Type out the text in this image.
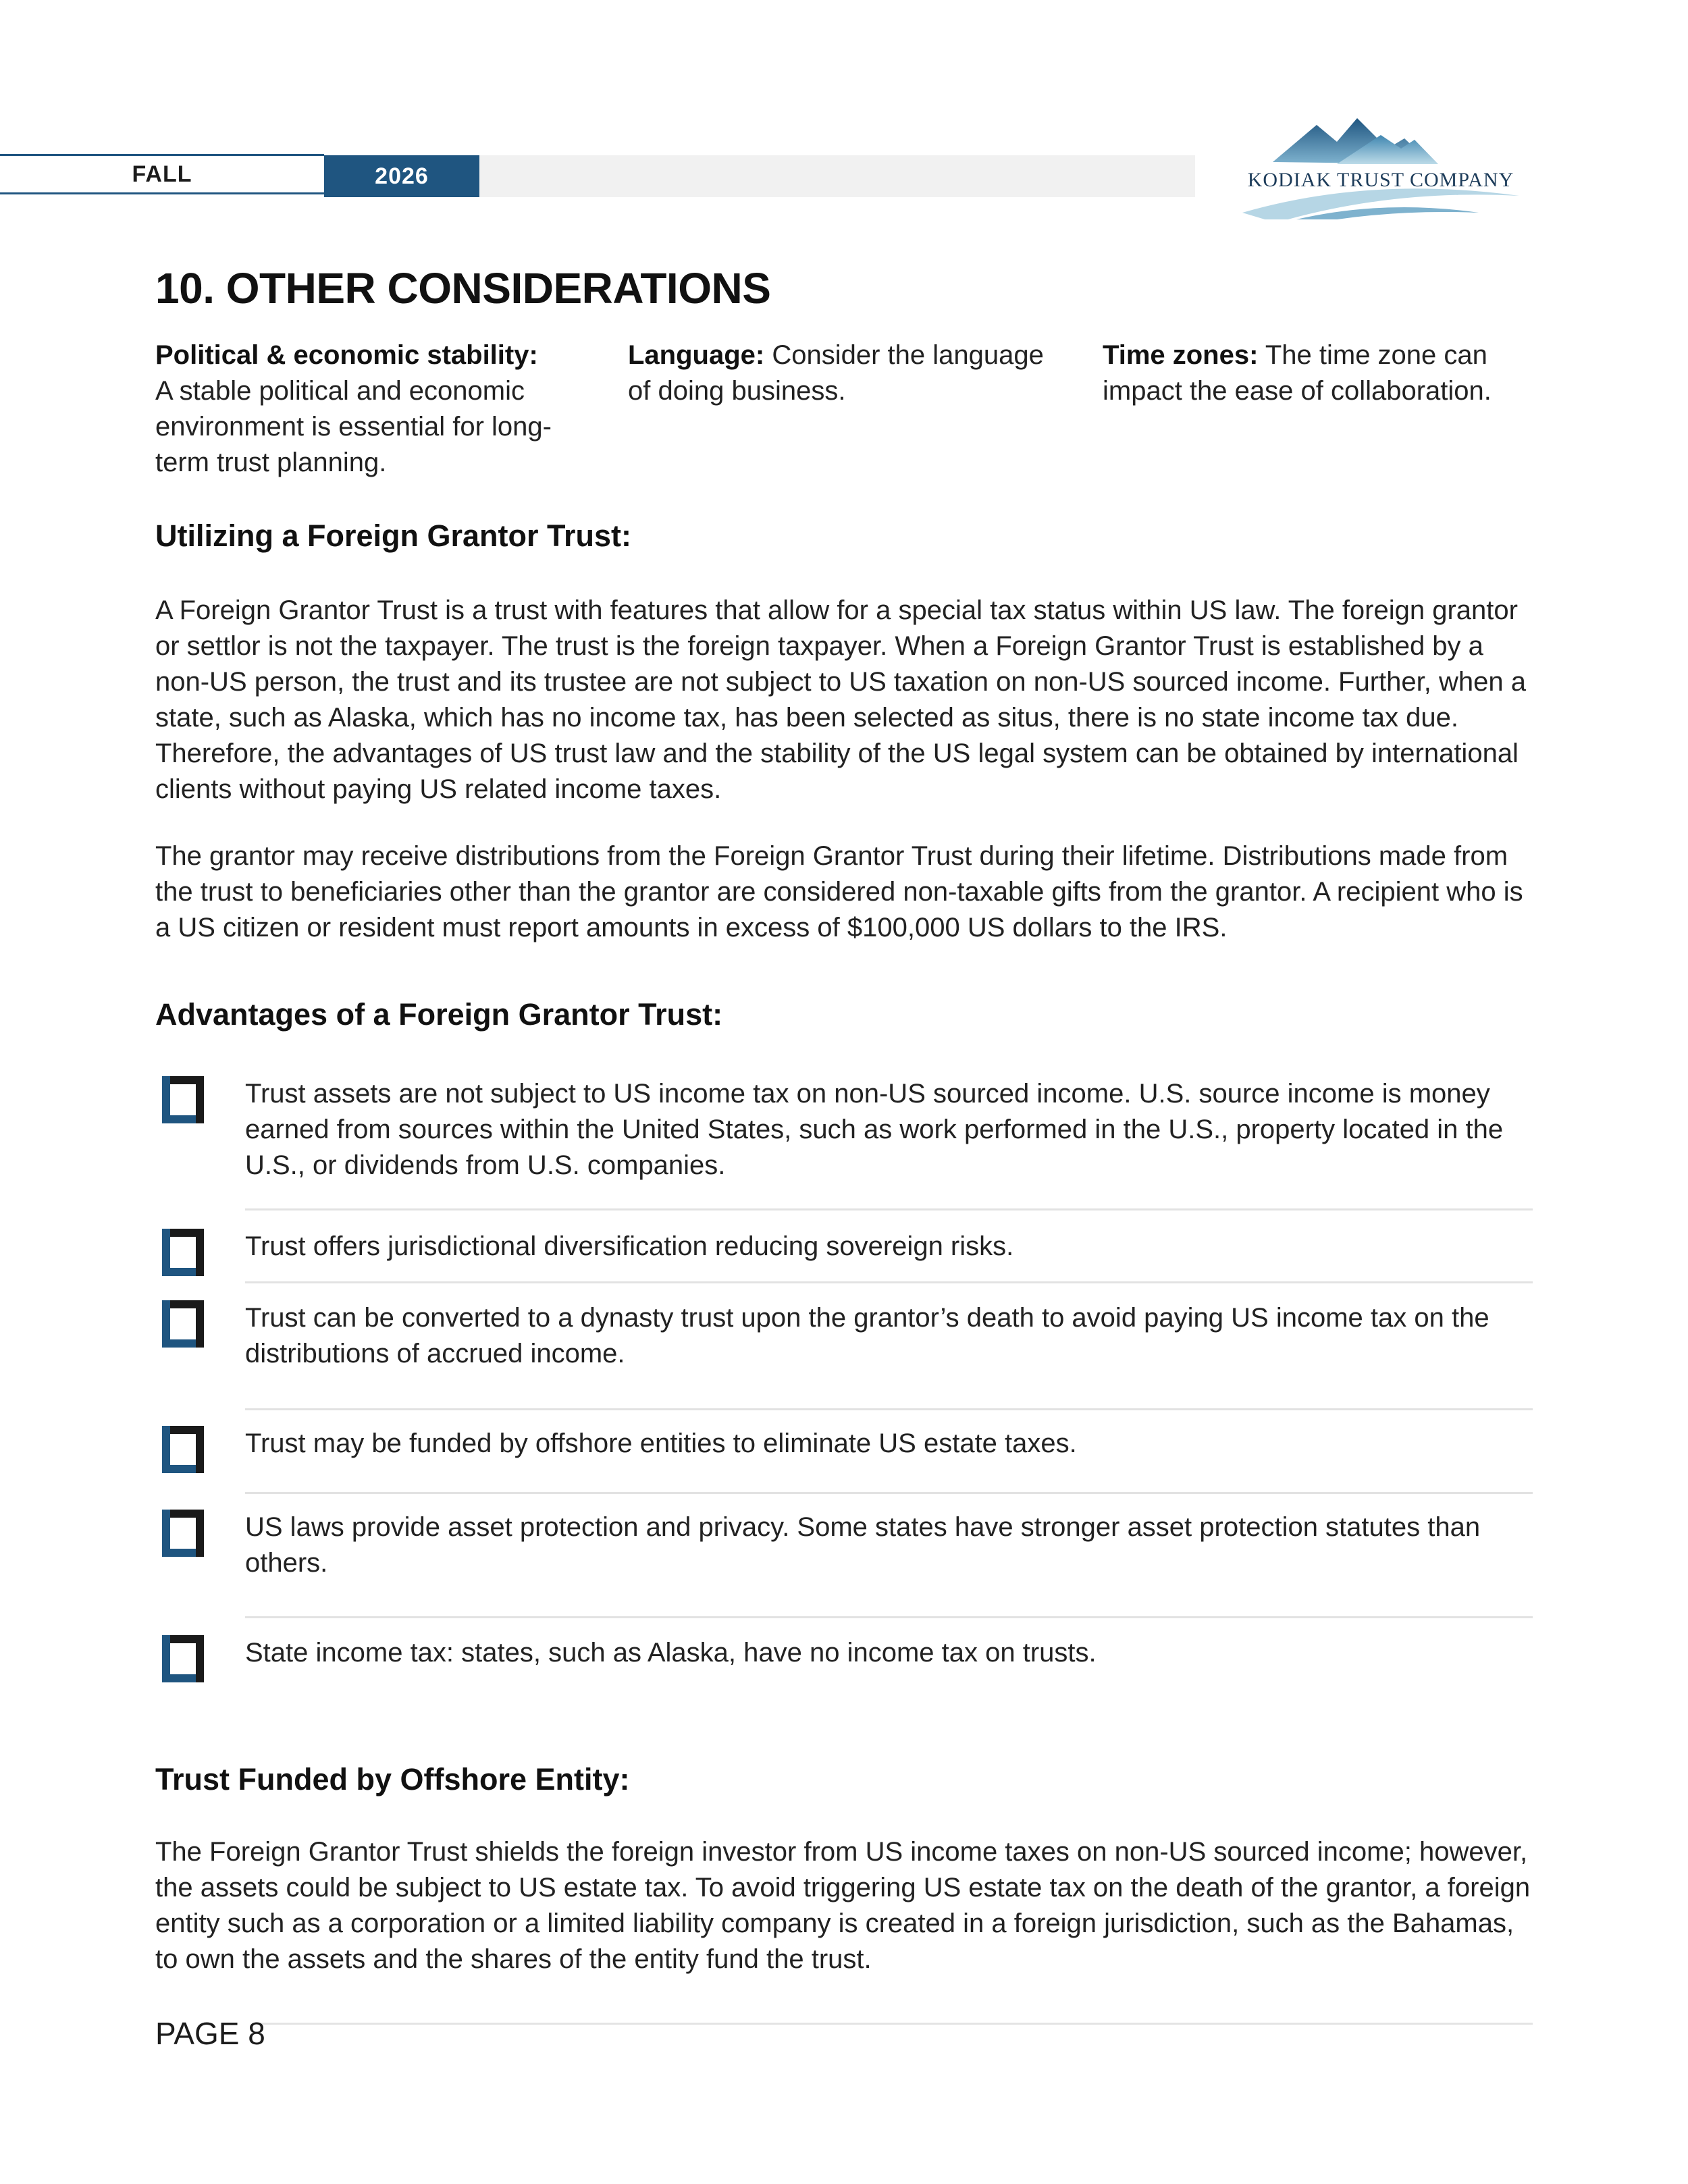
FALL	2026	KODIAK TRUST COMPANY
10. OTHER CONSIDERATIONS
Political & economic stability:
A stable political and economic environment is essential for long-term trust planning.
Language: Consider the language of doing business.
Time zones: The time zone can impact the ease of collaboration.
Utilizing a Foreign Grantor Trust:
A Foreign Grantor Trust is a trust with features that allow for a special tax status within US law. The foreign grantor or settlor is not the taxpayer. The trust is the foreign taxpayer. When a Foreign Grantor Trust is established by a non-US person, the trust and its trustee are not subject to US taxation on non-US sourced income. Further, when a state, such as Alaska, which has no income tax, has been selected as situs, there is no state income tax due. Therefore, the advantages of US trust law and the stability of the US legal system can be obtained by international clients without paying US related income taxes.
The grantor may receive distributions from the Foreign Grantor Trust during their lifetime. Distributions made from the trust to beneficiaries other than the grantor are considered non-taxable gifts from the grantor. A recipient who is a US citizen or resident must report amounts in excess of $100,000 US dollars to the IRS.
Advantages of a Foreign Grantor Trust:
Trust assets are not subject to US income tax on non-US sourced income. U.S. source income is money earned from sources within the United States, such as work performed in the U.S., property located in the U.S., or dividends from U.S. companies.
Trust offers jurisdictional diversification reducing sovereign risks.
Trust can be converted to a dynasty trust upon the grantor’s death to avoid paying US income tax on the distributions of accrued income.
Trust may be funded by offshore entities to eliminate US estate taxes.
US laws provide asset protection and privacy. Some states have stronger asset protection statutes than others.
State income tax: states, such as Alaska, have no income tax on trusts.
Trust Funded by Offshore Entity:
The Foreign Grantor Trust shields the foreign investor from US income taxes on non-US sourced income; however, the assets could be subject to US estate tax. To avoid triggering US estate tax on the death of the grantor, a foreign entity such as a corporation or a limited liability company is created in a foreign jurisdiction, such as the Bahamas, to own the assets and the shares of the entity fund the trust.
PAGE 8
